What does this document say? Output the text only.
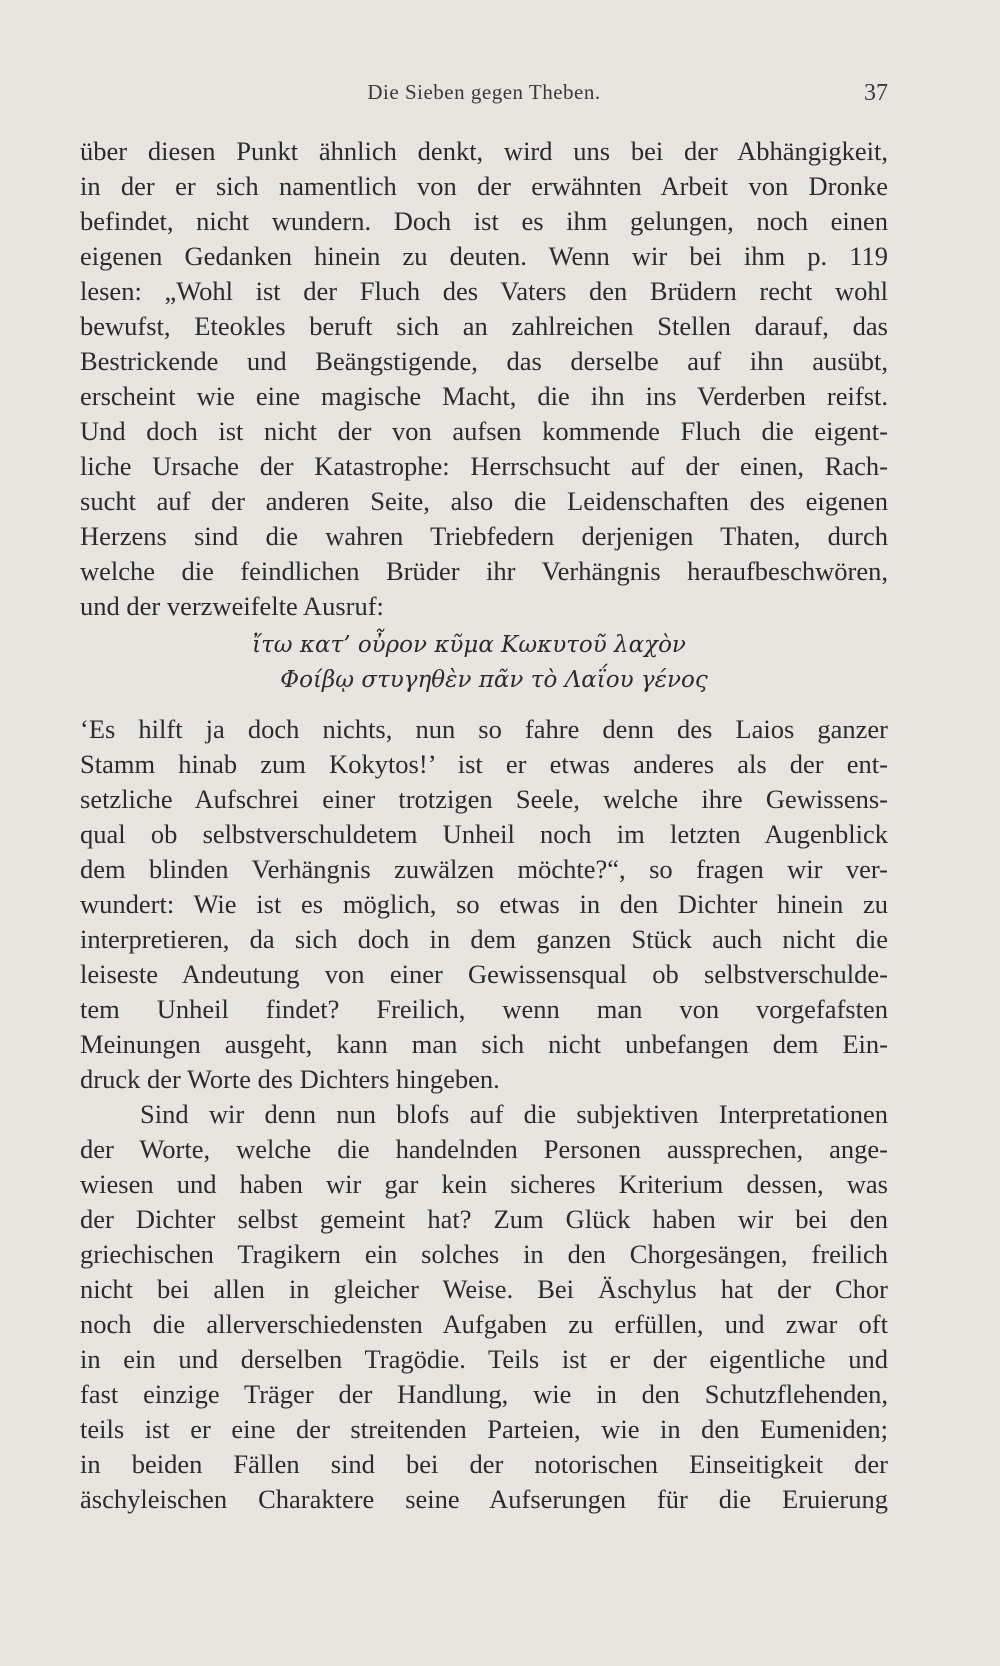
Die Sieben gegen Theben.	37
über diesen Punkt ähnlich denkt, wird uns bei der Abhängigkeit,
in der er sich namentlich von der erwähnten Arbeit von Dronke
befindet, nicht wundern. Doch ist es ihm gelungen, noch einen
eigenen Gedanken hinein zu deuten. Wenn wir bei ihm p. 119
lesen: „Wohl ist der Fluch des Vaters den Brüdern recht wohl
bewufst, Eteokles beruft sich an zahlreichen Stellen darauf, das
Bestrickende und Beängstigende, das derselbe auf ihn ausübt,
erscheint wie eine magische Macht, die ihn ins Verderben reifst.
Und doch ist nicht der von aufsen kommende Fluch die eigent-
liche Ursache der Katastrophe: Herrschsucht auf der einen, Rach-
sucht auf der anderen Seite, also die Leidenschaften des eigenen
Herzens sind die wahren Triebfedern derjenigen Thaten, durch
welche die feindlichen Brüder ihr Verhängnis heraufbeschwören,
und der verzweifelte Ausruf:
ἴτω κατ’ οὖρον κῦμα Κωκυτοῦ λαχὸν
Φοίβῳ στυγηθὲν πᾶν τὸ Λαΐου γένος
‘Es hilft ja doch nichts, nun so fahre denn des Laios ganzer
Stamm hinab zum Kokytos!’ ist er etwas anderes als der ent-
setzliche Aufschrei einer trotzigen Seele, welche ihre Gewissens-
qual ob selbstverschuldetem Unheil noch im letzten Augenblick
dem blinden Verhängnis zuwälzen möchte?“, so fragen wir ver-
wundert: Wie ist es möglich, so etwas in den Dichter hinein zu
interpretieren, da sich doch in dem ganzen Stück auch nicht die
leiseste Andeutung von einer Gewissensqual ob selbstverschulde-
tem Unheil findet? Freilich, wenn man von vorgefafsten
Meinungen ausgeht, kann man sich nicht unbefangen dem Ein-
druck der Worte des Dichters hingeben.
Sind wir denn nun blofs auf die subjektiven Interpretationen
der Worte, welche die handelnden Personen aussprechen, ange-
wiesen und haben wir gar kein sicheres Kriterium dessen, was
der Dichter selbst gemeint hat? Zum Glück haben wir bei den
griechischen Tragikern ein solches in den Chorgesängen, freilich
nicht bei allen in gleicher Weise. Bei Äschylus hat der Chor
noch die allerverschiedensten Aufgaben zu erfüllen, und zwar oft
in ein und derselben Tragödie. Teils ist er der eigentliche und
fast einzige Träger der Handlung, wie in den Schutzflehenden,
teils ist er eine der streitenden Parteien, wie in den Eumeniden;
in beiden Fällen sind bei der notorischen Einseitigkeit der
äschyleischen Charaktere seine Aufserungen für die Eruierung
